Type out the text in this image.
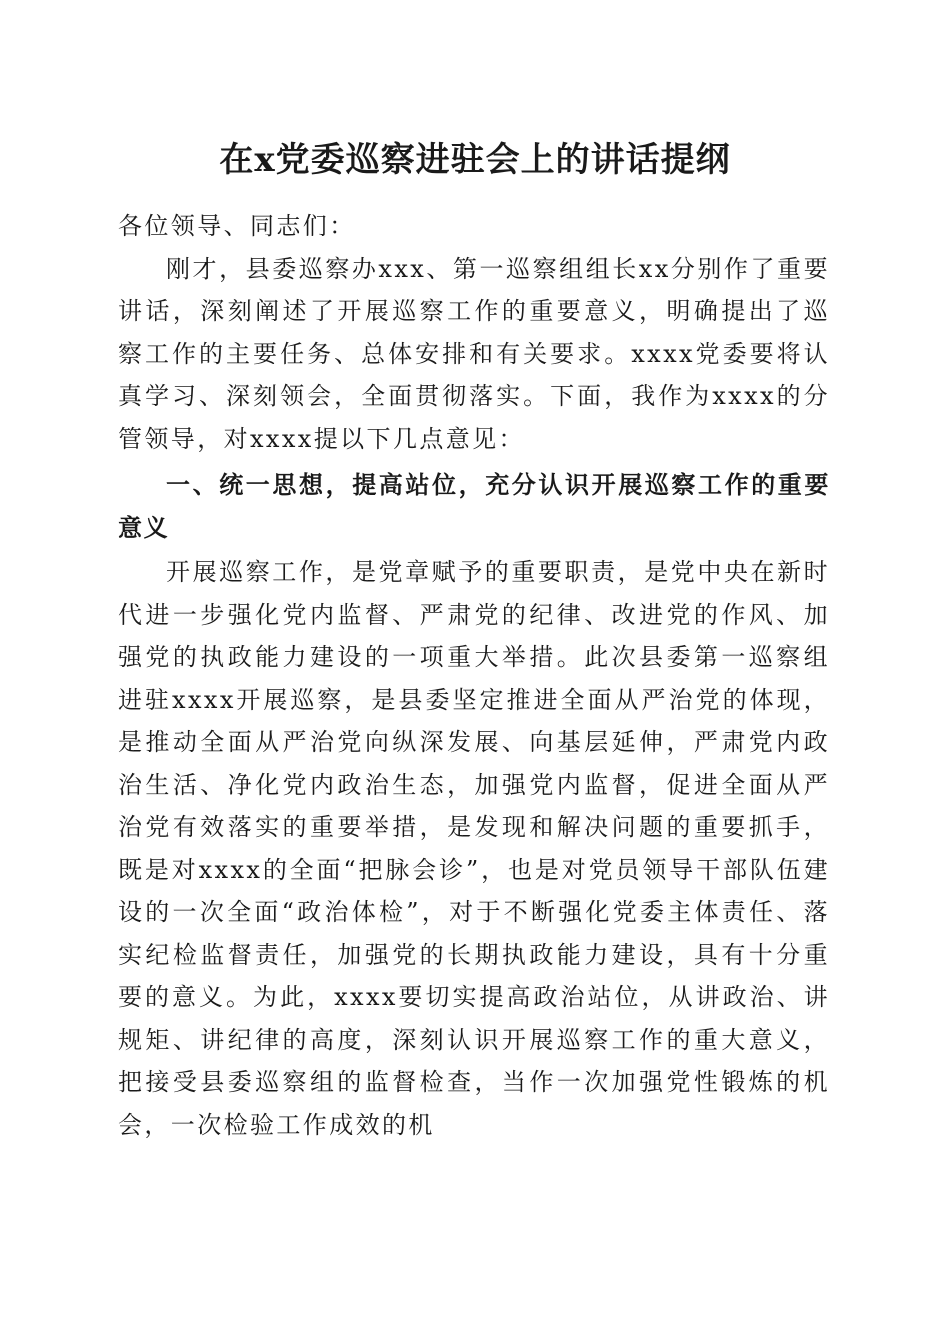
在x党委巡察进驻会上的讲话提纲

各位领导、同志们：

刚才，县委巡察办xxx、第一巡察组组长xx分别作了重要讲话，深刻阐述了开展巡察工作的重要意义，明确提出了巡察工作的主要任务、总体安排和有关要求。xxxx党委要将认真学习、深刻领会，全面贯彻落实。下面，我作为xxxx的分管领导，对xxxx提以下几点意见：

一、统一思想，提高站位，充分认识开展巡察工作的重要意义

开展巡察工作，是党章赋予的重要职责，是党中央在新时代进一步强化党内监督、严肃党的纪律、改进党的作风、加强党的执政能力建设的一项重大举措。此次县委第一巡察组进驻xxxx开展巡察，是县委坚定推进全面从严治党的体现，是推动全面从严治党向纵深发展、向基层延伸，严肃党内政治生活、净化党内政治生态，加强党内监督，促进全面从严治党有效落实的重要举措，是发现和解决问题的重要抓手，既是对xxxx的全面“把脉会诊”，也是对党员领导干部队伍建设的一次全面“政治体检”，对于不断强化党委主体责任、落实纪检监督责任，加强党的长期执政能力建设，具有十分重要的意义。为此，xxxx要切实提高政治站位，从讲政治、讲规矩、讲纪律的高度，深刻认识开展巡察工作的重大意义，把接受县委巡察组的监督检查，当作一次加强党性锻炼的机会，一次检验工作成效的机
